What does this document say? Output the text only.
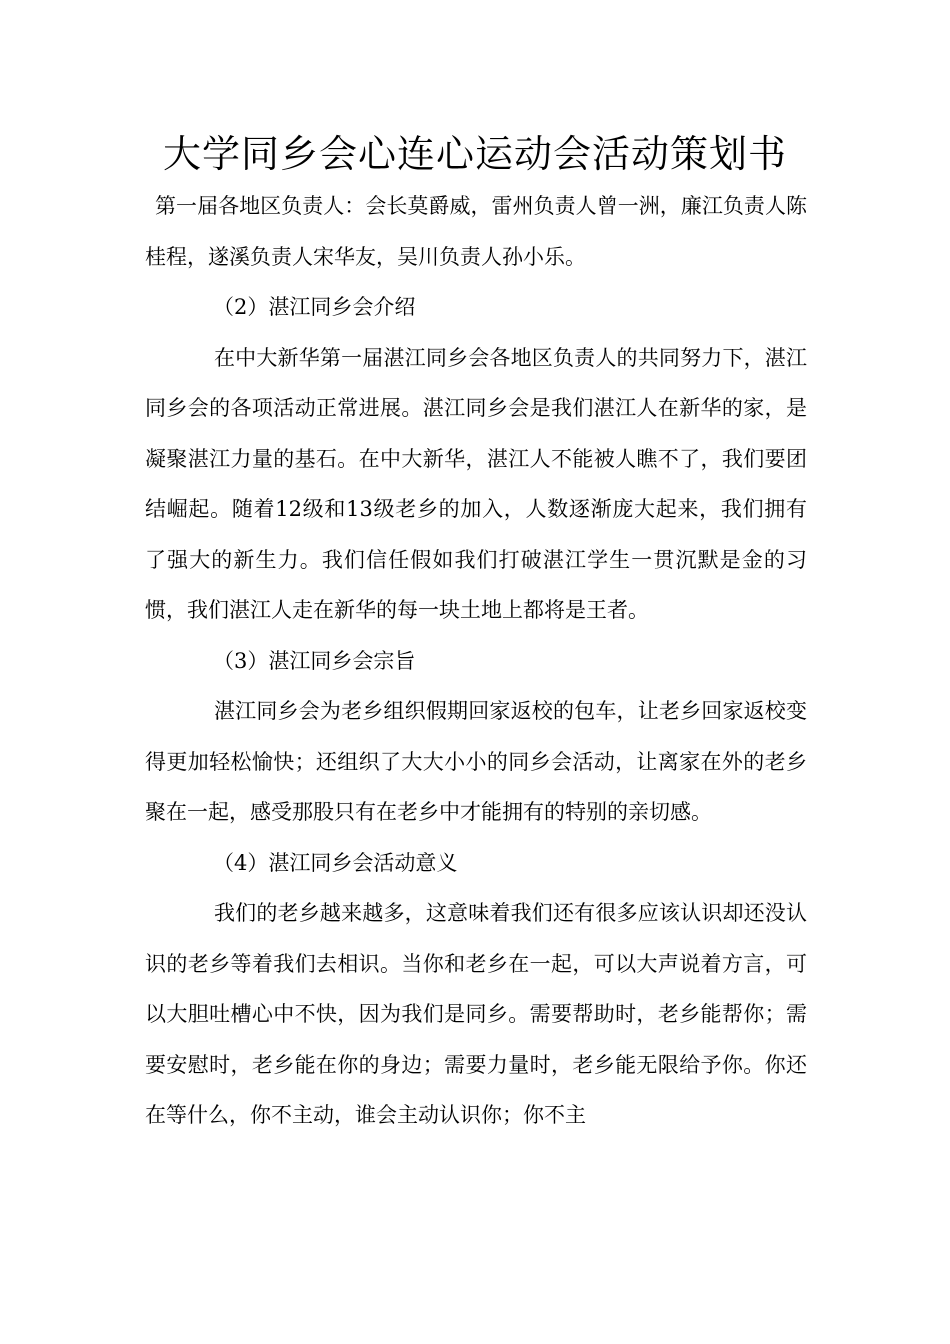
大学同乡会心连心运动会活动策划书

第一届各地区负责人：会长莫爵威，雷州负责人曾一洲，廉江负责人陈桂程，遂溪负责人宋华友，吴川负责人孙小乐。

（2）湛江同乡会介绍

在中大新华第一届湛江同乡会各地区负责人的共同努力下，湛江同乡会的各项活动正常进展。湛江同乡会是我们湛江人在新华的家，是凝聚湛江力量的基石。在中大新华，湛江人不能被人瞧不了，我们要团结崛起。随着12级和13级老乡的加入，人数逐渐庞大起来，我们拥有了强大的新生力。我们信任假如我们打破湛江学生一贯沉默是金的习惯，我们湛江人走在新华的每一块土地上都将是王者。

（3）湛江同乡会宗旨

湛江同乡会为老乡组织假期回家返校的包车，让老乡回家返校变得更加轻松愉快；还组织了大大小小的同乡会活动，让离家在外的老乡聚在一起，感受那股只有在老乡中才能拥有的特别的亲切感。

（4）湛江同乡会活动意义

我们的老乡越来越多，这意味着我们还有很多应该认识却还没认识的老乡等着我们去相识。当你和老乡在一起，可以大声说着方言，可以大胆吐槽心中不快，因为我们是同乡。需要帮助时，老乡能帮你；需要安慰时，老乡能在你的身边；需要力量时，老乡能无限给予你。你还在等什么，你不主动，谁会主动认识你；你不主
